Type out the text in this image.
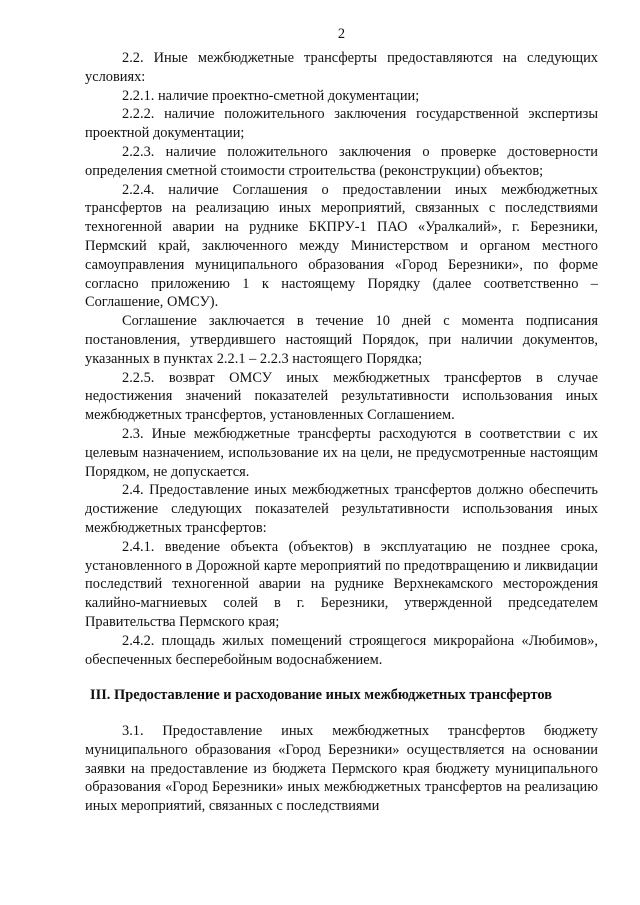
2

2.2. Иные межбюджетные трансферты предоставляются на следующих условиях:

2.2.1. наличие проектно-сметной документации;

2.2.2. наличие положительного заключения государственной экспертизы проектной документации;

2.2.3. наличие положительного заключения о проверке достоверности определения сметной стоимости строительства (реконструкции) объектов;

2.2.4. наличие Соглашения о предоставлении иных межбюджетных трансфертов на реализацию иных мероприятий, связанных с последствиями техногенной аварии на руднике БКПРУ-1 ПАО «Уралкалий», г. Березники, Пермский край, заключенного между Министерством и органом местного самоуправления муниципального образования «Город Березники», по форме согласно приложению 1 к настоящему Порядку (далее соответственно – Соглашение, ОМСУ).

Соглашение заключается в течение 10 дней с момента подписания постановления, утвердившего настоящий Порядок, при наличии документов, указанных в пунктах 2.2.1 – 2.2.3 настоящего Порядка;

2.2.5. возврат ОМСУ иных межбюджетных трансфертов в случае недостижения значений показателей результативности использования иных межбюджетных трансфертов, установленных Соглашением.

2.3. Иные межбюджетные трансферты расходуются в соответствии с их целевым назначением, использование их на цели, не предусмотренные настоящим Порядком, не допускается.

2.4. Предоставление иных межбюджетных трансфертов должно обеспечить достижение следующих показателей результативности использования иных межбюджетных трансфертов:

2.4.1. введение объекта (объектов) в эксплуатацию не позднее срока, установленного в Дорожной карте мероприятий по предотвращению и ликвидации последствий техногенной аварии на руднике Верхнекамского месторождения калийно-магниевых солей в г. Березники, утвержденной председателем Правительства Пермского края;

2.4.2. площадь жилых помещений строящегося микрорайона «Любимов», обеспеченных бесперебойным водоснабжением.

III. Предоставление и расходование иных межбюджетных трансфертов

3.1. Предоставление иных межбюджетных трансфертов бюджету муниципального образования «Город Березники» осуществляется на основании заявки на предоставление из бюджета Пермского края бюджету муниципального образования «Город Березники» иных межбюджетных трансфертов на реализацию иных мероприятий, связанных с последствиями
